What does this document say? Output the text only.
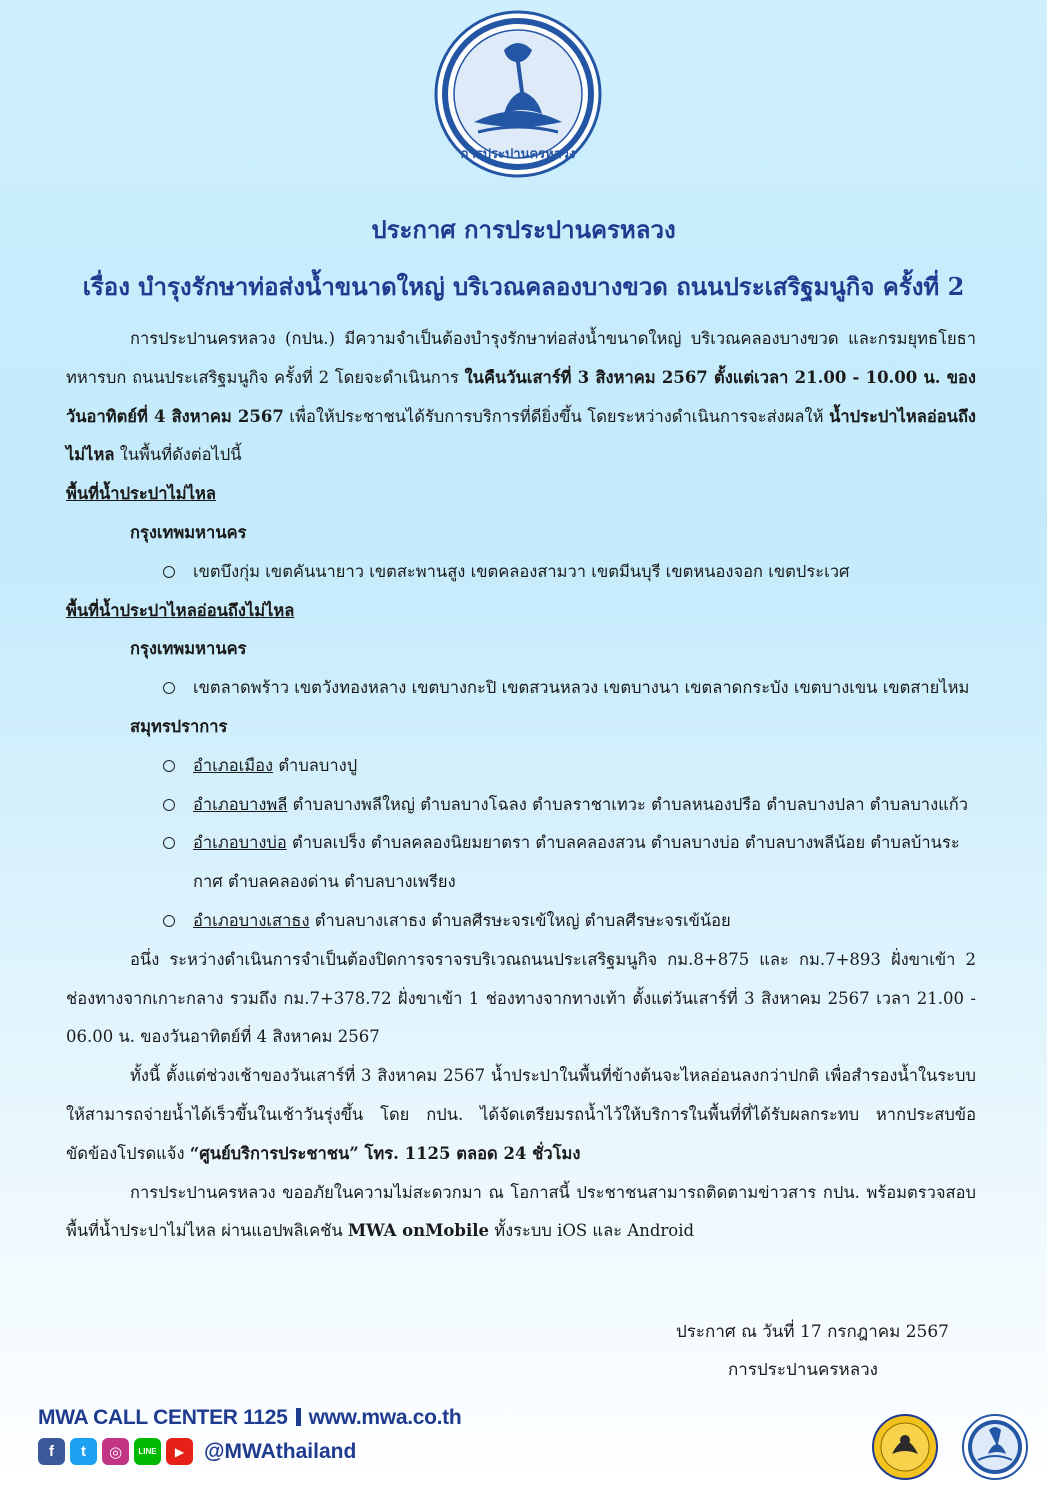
การประปานครหลวง
ประกาศ การประปานครหลวง
เรื่อง บำรุงรักษาท่อส่งน้ำขนาดใหญ่ บริเวณคลองบางขวด ถนนประเสริฐมนูกิจ ครั้งที่ 2

การประปานครหลวง (กปน.) มีความจำเป็นต้องบำรุงรักษาท่อส่งน้ำขนาดใหญ่ บริเวณคลองบางขวด และกรมยุทธโยธาทหารบก ถนนประเสริฐมนูกิจ ครั้งที่ 2 โดยจะดำเนินการ ในคืนวันเสาร์ที่ 3 สิงหาคม 2567 ตั้งแต่เวลา 21.00 - 10.00 น. ของวันอาทิตย์ที่ 4 สิงหาคม 2567 เพื่อให้ประชาชนได้รับการบริการที่ดียิ่งขึ้น โดยระหว่างดำเนินการจะส่งผลให้ น้ำประปาไหลอ่อนถึงไม่ไหล ในพื้นที่ดังต่อไปนี้

พื้นที่น้ำประปาไม่ไหล

กรุงเทพมหานคร

เขตบึงกุ่ม เขตคันนายาว เขตสะพานสูง เขตคลองสามวา เขตมีนบุรี เขตหนองจอก เขตประเวศ

พื้นที่น้ำประปาไหลอ่อนถึงไม่ไหล

กรุงเทพมหานคร

เขตลาดพร้าว เขตวังทองหลาง เขตบางกะปิ เขตสวนหลวง เขตบางนา เขตลาดกระบัง เขตบางเขน เขตสายไหม

สมุทรปราการ

อำเภอเมือง ตำบลบางปู
อำเภอบางพลี ตำบลบางพลีใหญ่ ตำบลบางโฉลง ตำบลราชาเทวะ ตำบลหนองปรือ ตำบลบางปลา ตำบลบางแก้ว
อำเภอบางบ่อ ตำบลเปร็ง ตำบลคลองนิยมยาตรา ตำบลคลองสวน ตำบลบางบ่อ ตำบลบางพลีน้อย ตำบลบ้านระกาศ ตำบลคลองด่าน ตำบลบางเพรียง
อำเภอบางเสาธง ตำบลบางเสาธง ตำบลศีรษะจรเข้ใหญ่ ตำบลศีรษะจรเข้น้อย

อนึ่ง ระหว่างดำเนินการจำเป็นต้องปิดการจราจรบริเวณถนนประเสริฐมนูกิจ กม.8+875 และ กม.7+893 ฝั่งขาเข้า 2 ช่องทางจากเกาะกลาง รวมถึง กม.7+378.72 ฝั่งขาเข้า 1 ช่องทางจากทางเท้า ตั้งแต่วันเสาร์ที่ 3 สิงหาคม 2567 เวลา 21.00 - 06.00 น. ของวันอาทิตย์ที่ 4 สิงหาคม 2567

ทั้งนี้ ตั้งแต่ช่วงเช้าของวันเสาร์ที่ 3 สิงหาคม 2567 น้ำประปาในพื้นที่ข้างต้นจะไหลอ่อนลงกว่าปกติ เพื่อสำรองน้ำในระบบให้สามารถจ่ายน้ำได้เร็วขึ้นในเช้าวันรุ่งขึ้น โดย กปน. ได้จัดเตรียมรถน้ำไว้ให้บริการในพื้นที่ที่ได้รับผลกระทบ หากประสบข้อขัดข้องโปรดแจ้ง “ศูนย์บริการประชาชน” โทร. 1125 ตลอด 24 ชั่วโมง

การประปานครหลวง ขออภัยในความไม่สะดวกมา ณ โอกาสนี้ ประชาชนสามารถติดตามข่าวสาร กปน. พร้อมตรวจสอบพื้นที่น้ำประปาไม่ไหล ผ่านแอปพลิเคชัน MWA onMobile ทั้งระบบ iOS และ Android

ประกาศ ณ วันที่ 17 กรกฎาคม 2567
การประปานครหลวง
MWA CALL CENTER 1125 www.mwa.co.th
f	t	◎	LINE	▶ @MWAthailand
